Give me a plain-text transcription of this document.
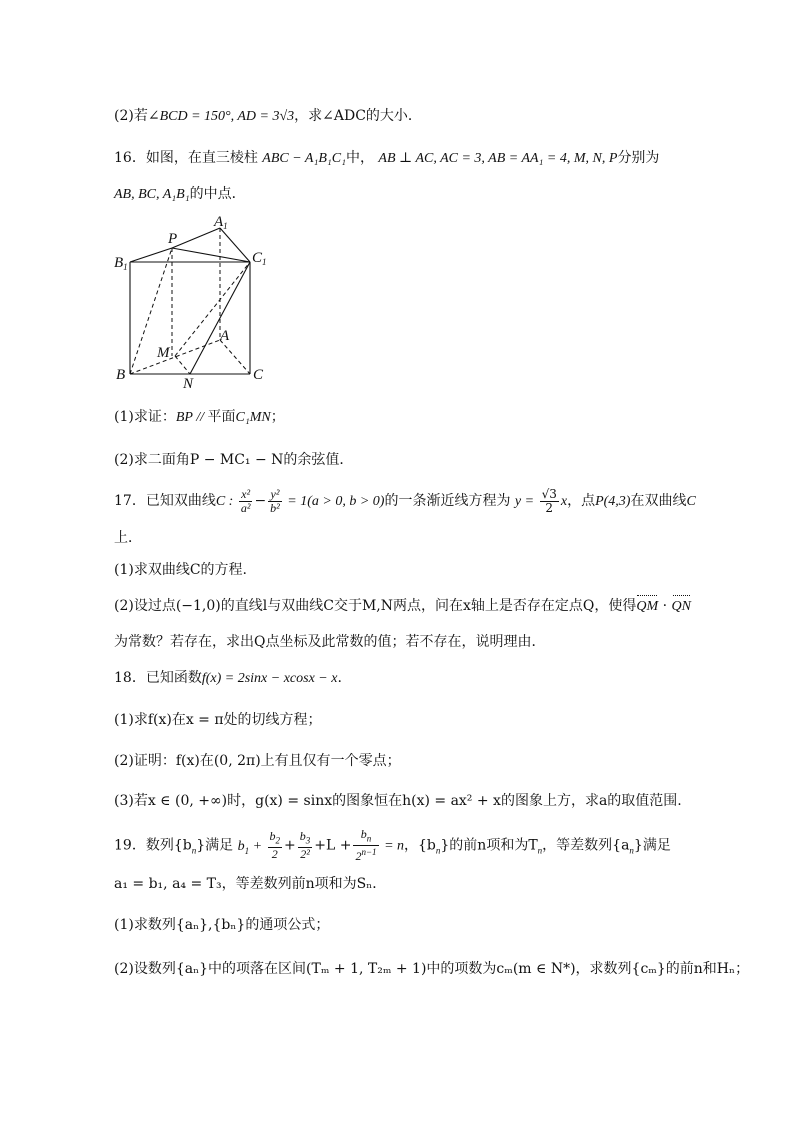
(2)若∠BCD = 150°, AD = 3√3，求∠ADC的大小．
16．如图，在直三棱柱 ABC − A₁B₁C₁中， AB ⊥ AC, AC = 3, AB = AA₁ = 4, M, N, P分别为
AB, BC, A₁B₁的中点．
$B_1$
P
$A_1$
$C_1$
M
A
B
N
C
(1)求证：BP // 平面C₁MN；
(2)求二面角P − MC₁ − N的余弦值．
17．已知双曲线C : $\frac{\text{x²}}{\text{a²}} - \frac{\text{y²}}{\text{b²}} = 1(a > 0$, b > 0)的一条渐近线方程为 $y = \frac{√3}{2}$ x，点P(4,3)在双曲线C
上．
(1)求双曲线C的方程.
(2)设过点(−1,0)的直线l与双曲线C交于M,N两点，问在x轴上是否存在定点Q，使得QM · QN
为常数？若存在，求出Q点坐标及此常数的值；若不存在，说明理由．
18．已知函数f(x) = 2sinx − xcosx − x.
(1)求f(x)在x = π处的切线方程；
(2)证明：f(x)在(0, 2π)上有且仅有一个零点；
(3)若x ∈ (0, +∞)时，g(x) = sinx的图象恒在h(x) = ax² + x的图象上方，求a的取值范围.
19．数列$\{b_n\}$满足 $b_1 + \frac{b_2}{2} + \frac{b_3}{\text{2²}} +L + \frac{b_n}{2^{n-1}} = n$，$\{b_n\}$的前n项和为$T_n$，等差数列$\{a_n\}$满足
a₁ = b₁, a₄ = T₃，等差数列前n项和为Sₙ．
(1)求数列{aₙ},{bₙ}的通项公式；
(2)设数列{aₙ}中的项落在区间(Tₘ + 1, T₂ₘ + 1)中的项数为cₘ(m ∈ N*)，求数列{cₘ}的前n和Hₙ；
